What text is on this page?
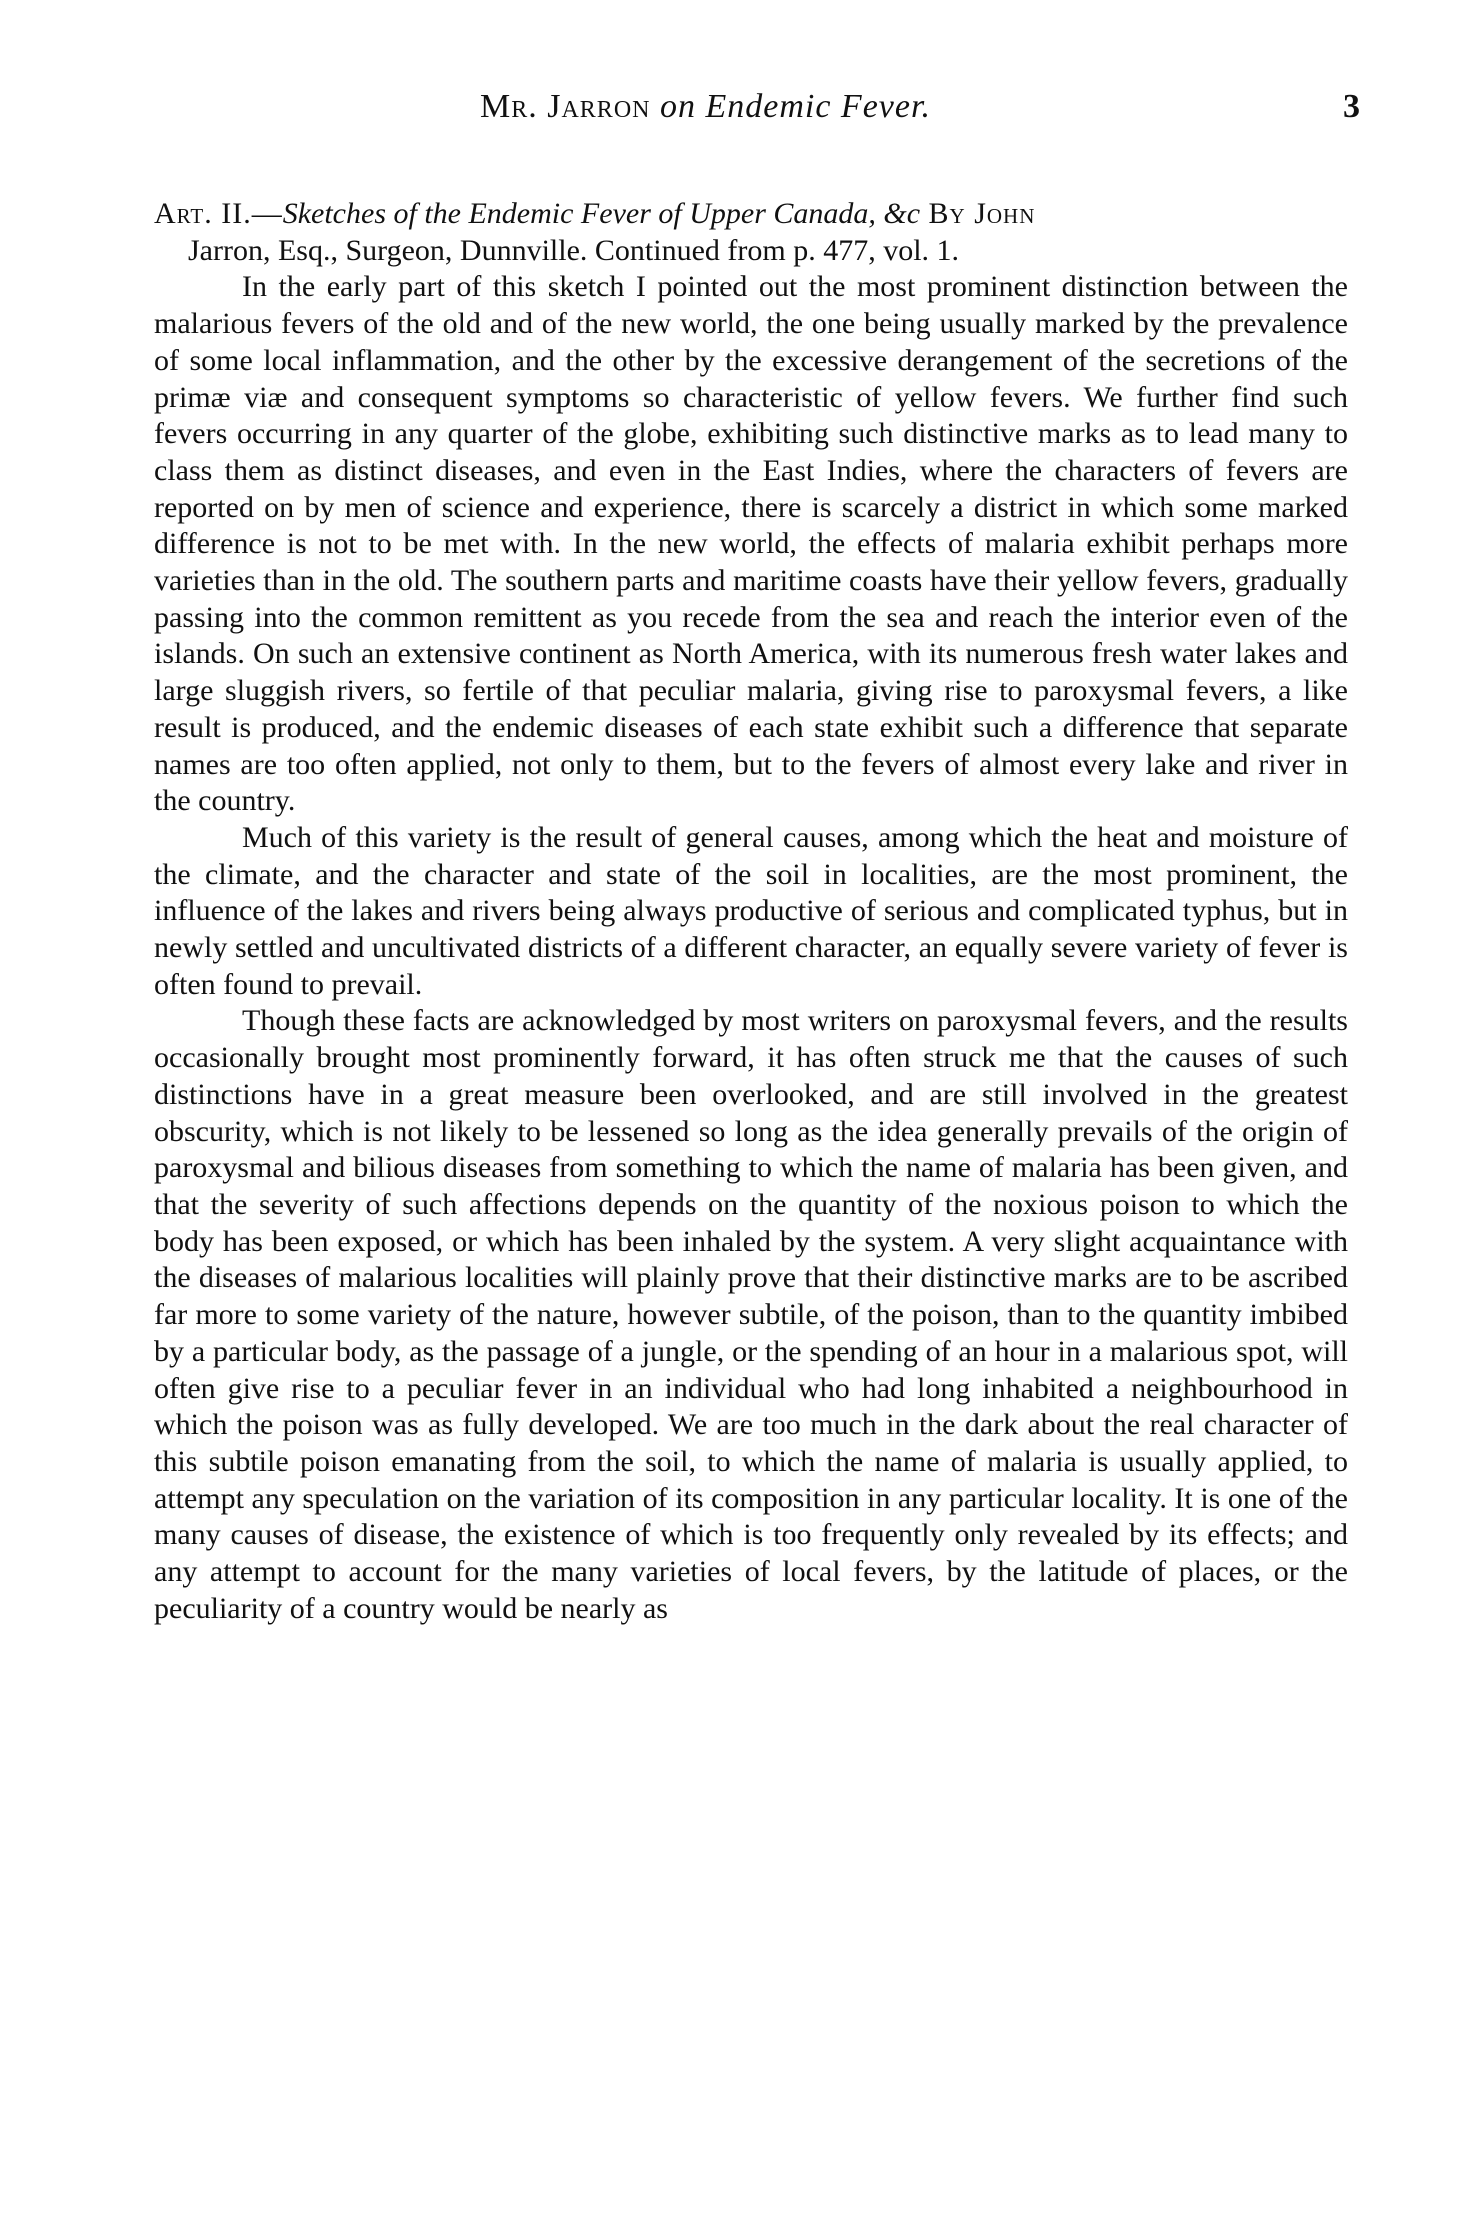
Mr. Jarron on Endemic Fever.	3

Art. II.—Sketches of the Endemic Fever of Upper Canada, &c By John
Jarron, Esq., Surgeon, Dunnville. Continued from p. 477, vol. 1.

In the early part of this sketch I pointed out the most prominent distinction between the malarious fevers of the old and of the new world, the one being usually marked by the prevalence of some local inflammation, and the other by the excessive derangement of the secretions of the primæ viæ and consequent symptoms so characteristic of yellow fevers. We further find such fevers occurring in any quarter of the globe, exhibiting such distinctive marks as to lead many to class them as distinct diseases, and even in the East Indies, where the characters of fevers are reported on by men of science and experience, there is scarcely a district in which some marked difference is not to be met with. In the new world, the effects of malaria exhibit perhaps more varieties than in the old. The southern parts and maritime coasts have their yellow fevers, gradually passing into the common remittent as you recede from the sea and reach the interior even of the islands. On such an extensive continent as North America, with its numerous fresh water lakes and large sluggish rivers, so fertile of that peculiar malaria, giving rise to paroxysmal fevers, a like result is produced, and the endemic diseases of each state exhibit such a difference that separate names are too often applied, not only to them, but to the fevers of almost every lake and river in the country.

Much of this variety is the result of general causes, among which the heat and moisture of the climate, and the character and state of the soil in localities, are the most prominent, the influence of the lakes and rivers being always productive of serious and complicated typhus, but in newly settled and uncultivated districts of a different character, an equally severe variety of fever is often found to prevail.

Though these facts are acknowledged by most writers on paroxysmal fevers, and the results occasionally brought most prominently forward, it has often struck me that the causes of such distinctions have in a great measure been overlooked, and are still involved in the greatest obscurity, which is not likely to be lessened so long as the idea generally prevails of the origin of paroxysmal and bilious diseases from something to which the name of malaria has been given, and that the severity of such affections depends on the quantity of the noxious poison to which the body has been exposed, or which has been inhaled by the system. A very slight acquaintance with the diseases of malarious localities will plainly prove that their distinctive marks are to be ascribed far more to some variety of the nature, however subtile, of the poison, than to the quantity imbibed by a particular body, as the passage of a jungle, or the spending of an hour in a malarious spot, will often give rise to a peculiar fever in an individual who had long inhabited a neighbourhood in which the poison was as fully developed. We are too much in the dark about the real character of this subtile poison emanating from the soil, to which the name of malaria is usually applied, to attempt any speculation on the variation of its composition in any particular locality. It is one of the many causes of disease, the existence of which is too frequently only revealed by its effects; and any attempt to account for the many varieties of local fevers, by the latitude of places, or the peculiarity of a country would be nearly as
